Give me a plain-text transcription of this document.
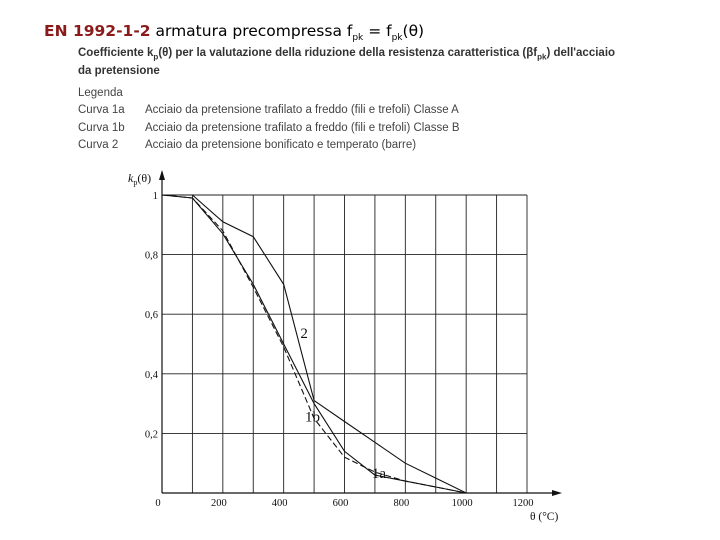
EN 1992-1-2 armatura precompressa $f_{pk} = f_{pk}(\theta)$
Coefficiente $k_p(\theta)$ per la valutazione della riduzione della resistenza caratteristica $(\beta f_{pk})$ dell'acciaio
da pretensione
Legenda
Curva 1a	Acciaio da pretensione trafilato a freddo (fili e trefoli) Classe A
Curva 1b	Acciaio da pretensione trafilato a freddo (fili e trefoli) Classe B
Curva 2	Acciaio da pretensione bonificato e temperato (barre)
0	200	400	600	800	1000	1200
0,2
0,4
0,6
0,8
1
2
1b
1a
$k_p(\theta)$
θ (°C)
